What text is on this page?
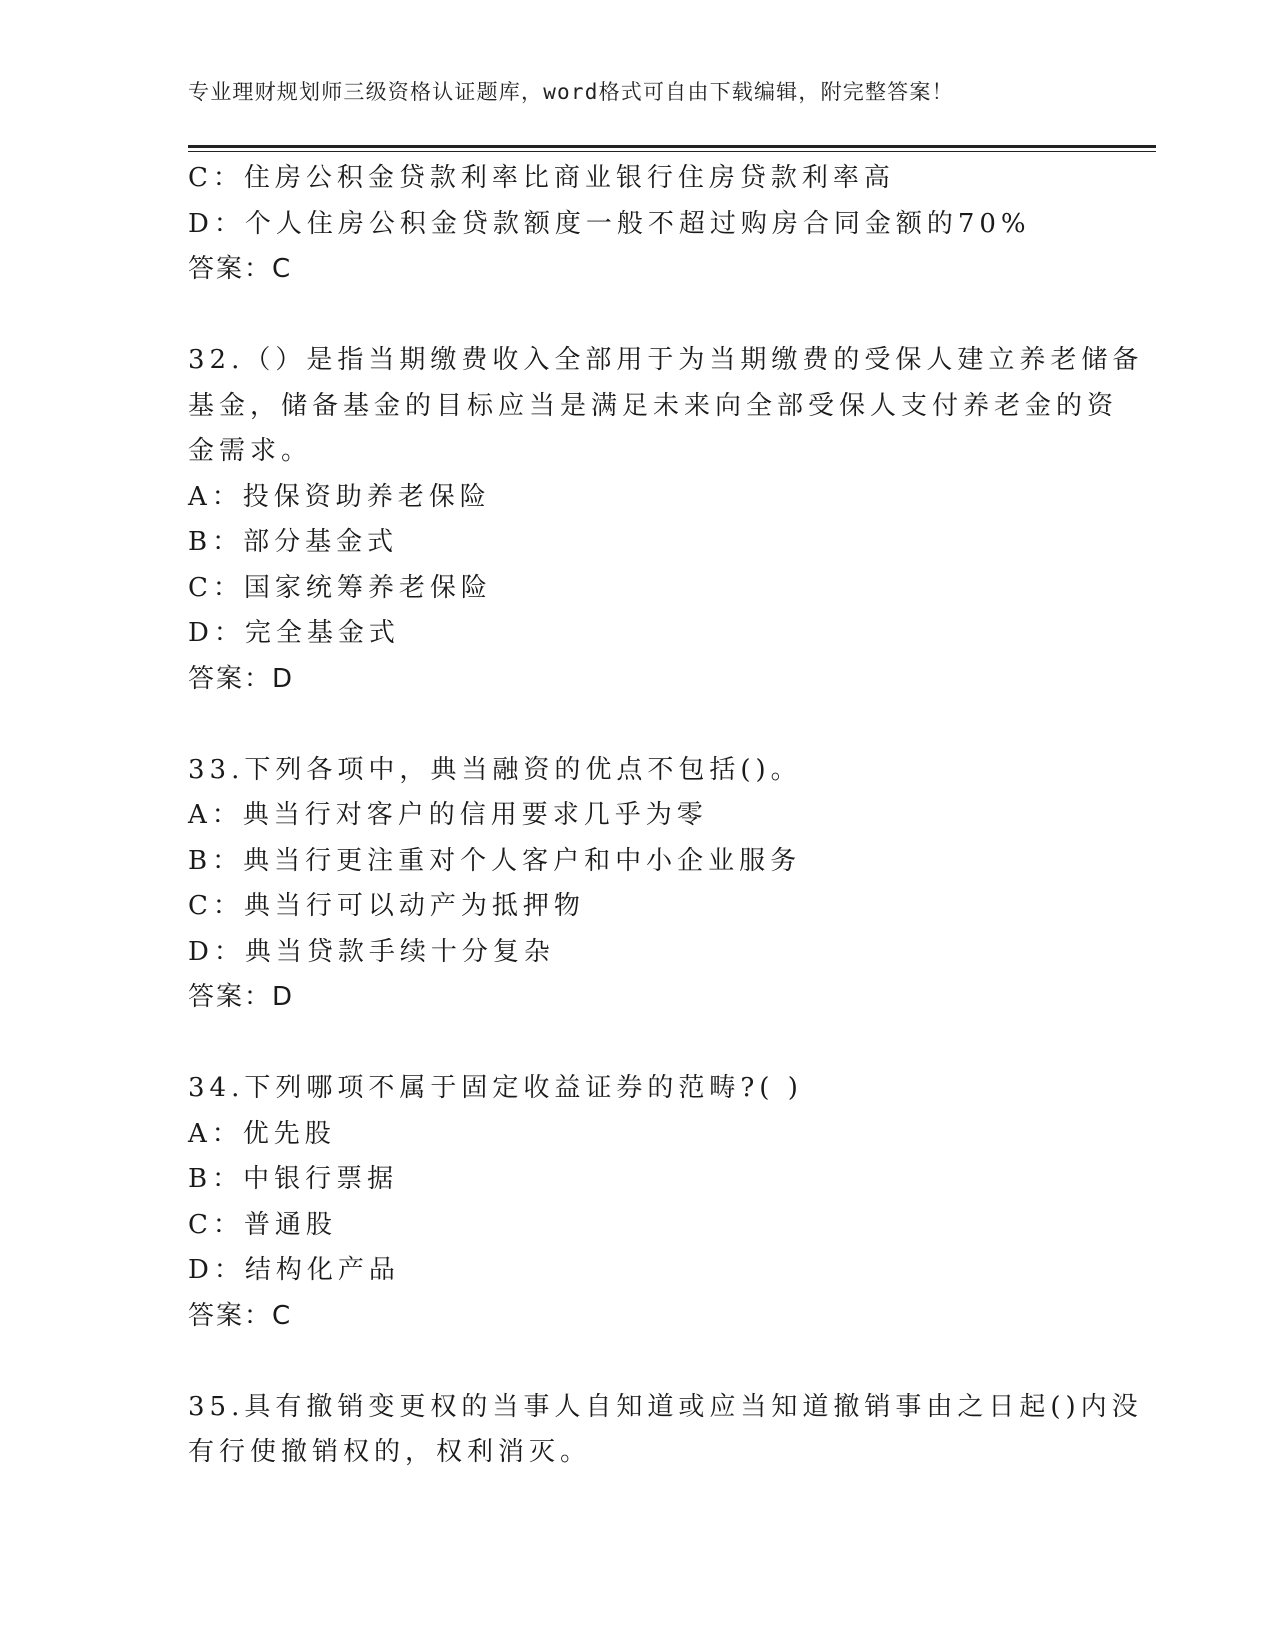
专业理财规划师三级资格认证题库，word格式可自由下载编辑，附完整答案！
C：住房公积金贷款利率比商业银行住房贷款利率高
D：个人住房公积金贷款额度一般不超过购房合同金额的70%
答案：C
32.（）是指当期缴费收入全部用于为当期缴费的受保人建立养老储备
基金，储备基金的目标应当是满足未来向全部受保人支付养老金的资
金需求。
A：投保资助养老保险
B：部分基金式
C：国家统筹养老保险
D：完全基金式
答案：D
33.下列各项中，典当融资的优点不包括()。
A：典当行对客户的信用要求几乎为零
B：典当行更注重对个人客户和中小企业服务
C：典当行可以动产为抵押物
D：典当贷款手续十分复杂
答案：D
34.下列哪项不属于固定收益证券的范畴?( )
A：优先股
B：中银行票据
C：普通股
D：结构化产品
答案：C
35.具有撤销变更权的当事人自知道或应当知道撤销事由之日起()内没
有行使撤销权的，权利消灭。
